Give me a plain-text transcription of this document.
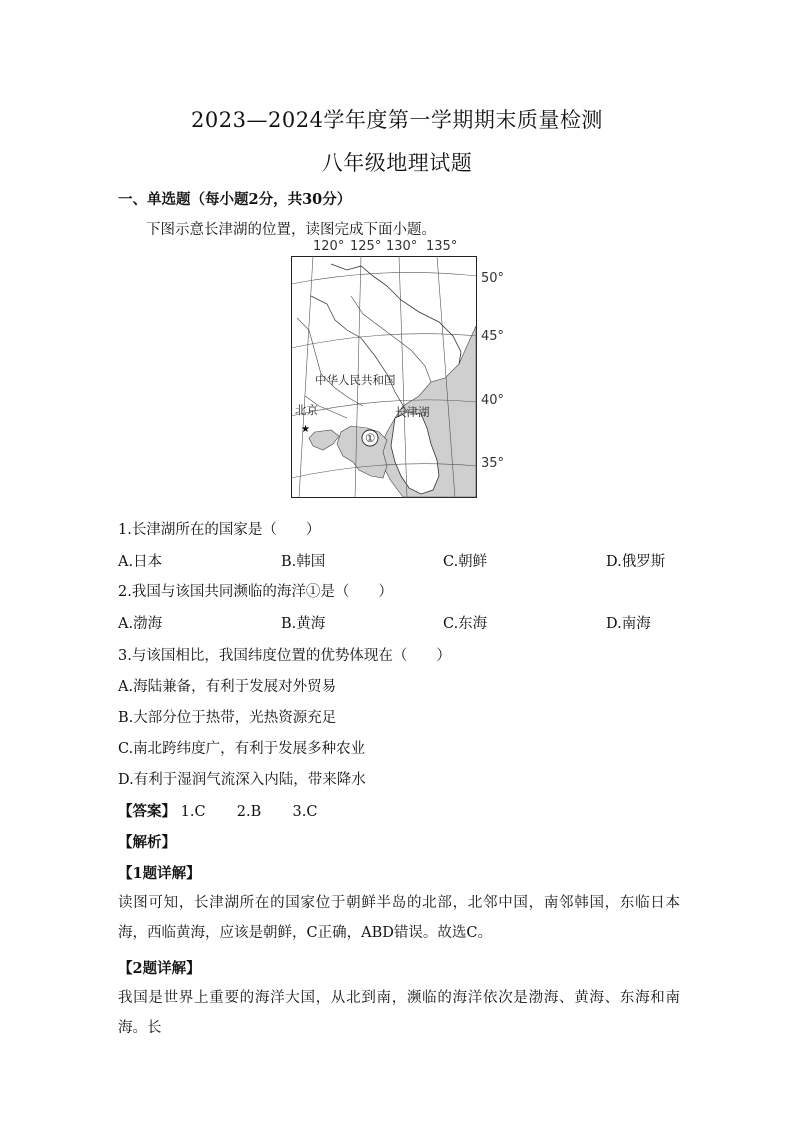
2023—2024学年度第一学期期末质量检测
八年级地理试题
一、单选题（每小题2分，共30分）
下图示意长津湖的位置，读图完成下面小题。
120° 125° 130° 135°
50°
45°
40°
35°
①
★
北京
中华人民共和国
长津湖
1.长津湖所在的国家是（　　）
A.日本	B.韩国	C.朝鲜	D.俄罗斯
2.我国与该国共同濒临的海洋①是（　　）
A.渤海	B.黄海	C.东海	D.南海
3.与该国相比，我国纬度位置的优势体现在（　　）
A.海陆兼备，有利于发展对外贸易
B.大部分位于热带，光热资源充足
C.南北跨纬度广，有利于发展多种农业
D.有利于湿润气流深入内陆，带来降水
【答案】 1.C 2.B 3.C
【解析】
【1题详解】
读图可知，长津湖所在的国家位于朝鲜半岛的北部，北邻中国，南邻韩国，东临日本海，西临黄海，应该是朝鲜，C正确，ABD错误。故选C。
【2题详解】
我国是世界上重要的海洋大国，从北到南，濒临的海洋依次是渤海、黄海、东海和南海。长
